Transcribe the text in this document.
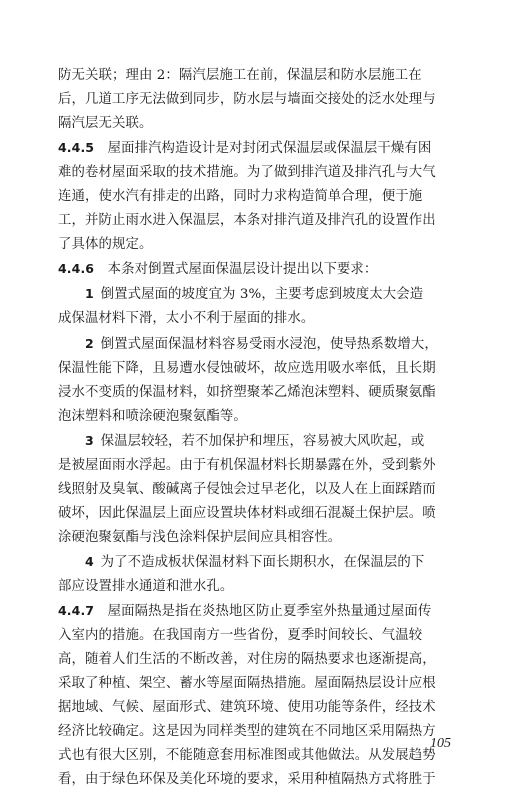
防无关联；理由 2：隔汽层施工在前，保温层和防水层施工在
后，几道工序无法做到同步，防水层与墙面交接处的泛水处理与
隔汽层无关联。
4.4.5  屋面排汽构造设计是对封闭式保温层或保温层干燥有困
难的卷材屋面采取的技术措施。为了做到排汽道及排汽孔与大气
连通，使水汽有排走的出路，同时力求构造简单合理，便于施
工，并防止雨水进入保温层，本条对排汽道及排汽孔的设置作出
了具体的规定。
4.4.6  本条对倒置式屋面保温层设计提出以下要求：
1  倒置式屋面的坡度宜为 3%，主要考虑到坡度太大会造
成保温材料下滑，太小不利于屋面的排水。
2  倒置式屋面保温材料容易受雨水浸泡，使导热系数增大，
保温性能下降，且易遭水侵蚀破坏，故应选用吸水率低，且长期
浸水不变质的保温材料，如挤塑聚苯乙烯泡沫塑料、硬质聚氨酯
泡沫塑料和喷涂硬泡聚氨酯等。
3  保温层较轻，若不加保护和埋压，容易被大风吹起，或
是被屋面雨水浮起。由于有机保温材料长期暴露在外，受到紫外
线照射及臭氧、酸碱离子侵蚀会过早老化，以及人在上面踩踏而
破坏，因此保温层上面应设置块体材料或细石混凝土保护层。喷
涂硬泡聚氨酯与浅色涂料保护层间应具相容性。
4  为了不造成板状保温材料下面长期积水，在保温层的下
部应设置排水通道和泄水孔。
4.4.7  屋面隔热是指在炎热地区防止夏季室外热量通过屋面传
入室内的措施。在我国南方一些省份，夏季时间较长、气温较
高，随着人们生活的不断改善，对住房的隔热要求也逐渐提高，
采取了种植、架空、蓄水等屋面隔热措施。屋面隔热层设计应根
据地域、气候、屋面形式、建筑环境、使用功能等条件，经技术
经济比较确定。这是因为同样类型的建筑在不同地区采用隔热方
式也有很大区别，不能随意套用标准图或其他做法。从发展趋势
看，由于绿色环保及美化环境的要求，采用种植隔热方式将胜于
105
